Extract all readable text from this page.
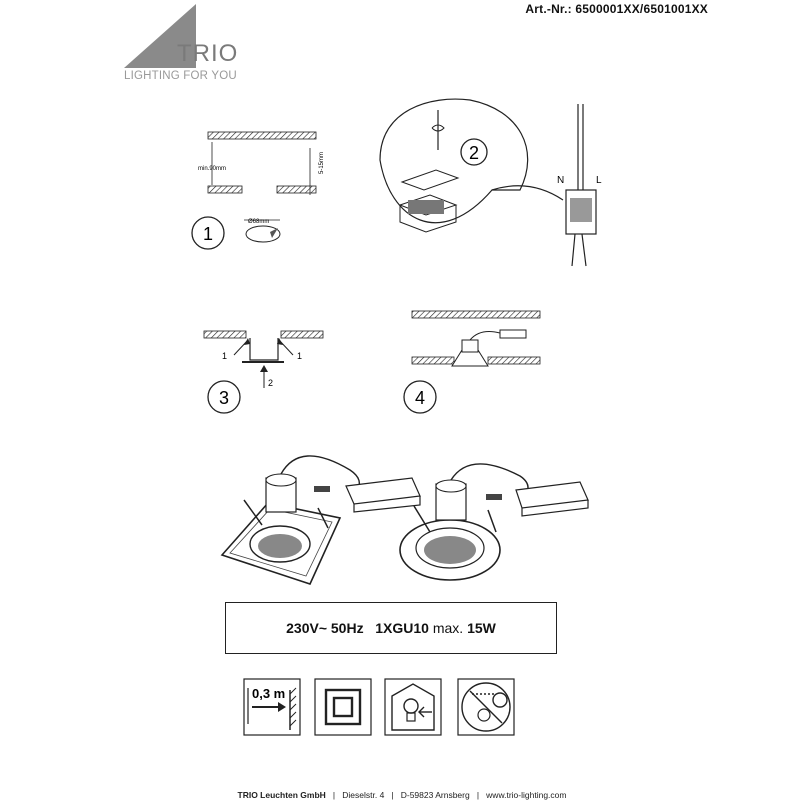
Art.-Nr.: 6500001XX/6501001XX
1
min.90mm	5-15mm
Ø68mm
2
N	L
1	1
2
3	4
0,3 m
TRIO
LIGHTING FOR YOU
230V~ 50Hz
1XGU10
max.
15W
TRIO Leuchten GmbH | Dieselstr. 4 | D-59823 Arnsberg | www.trio-lighting.com
